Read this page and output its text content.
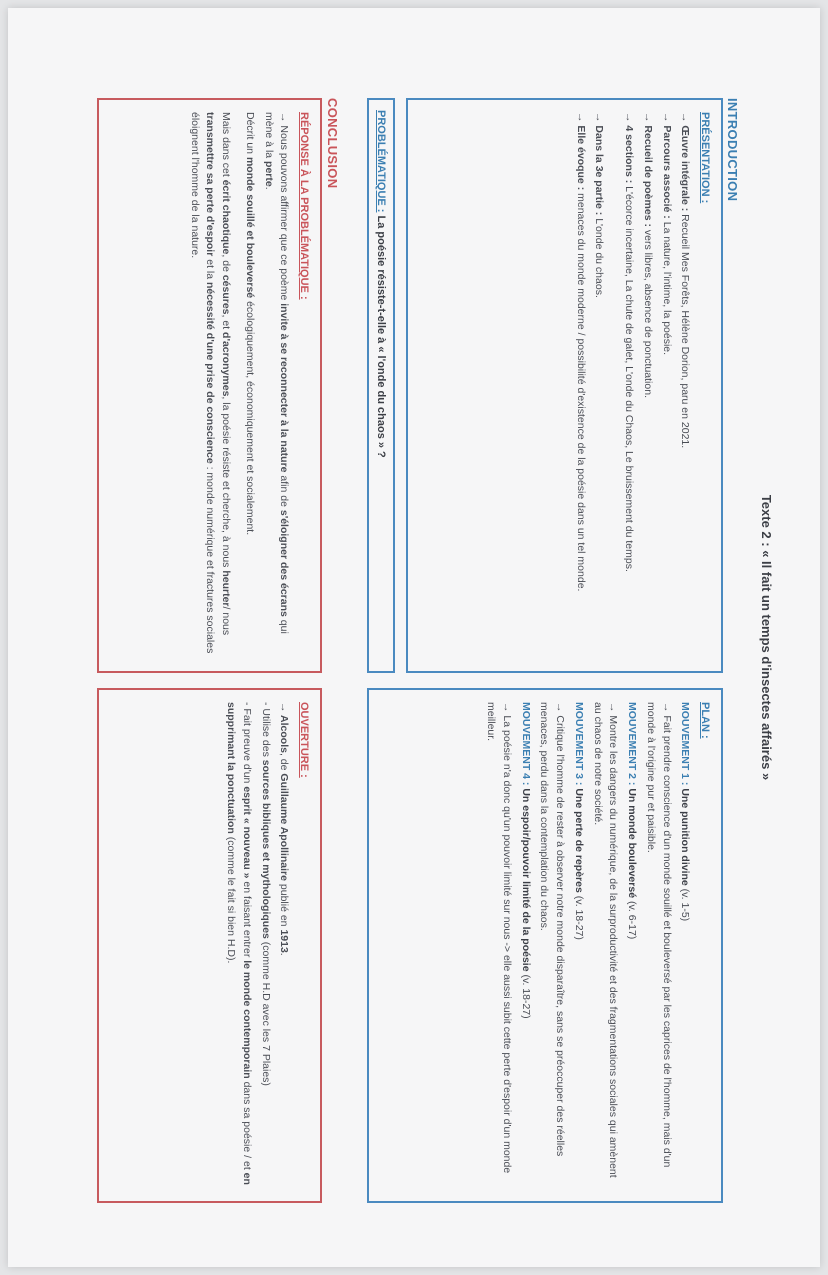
Texte 2 : « Il fait un temps d'insectes affairés »
INTRODUCTION
PRÉSENTATION :

→ Œuvre intégrale : Recueil Mes Forêts, Hélène Dorion, paru en 2021.

→ Parcours associé : La nature, l'intime, la poésie.

→ Recueil de poèmes : vers libres, absence de ponctuation.

→ 4 sections : L'écorce incertaine, La chute de galet, L'onde du Chaos, Le bruissement du temps.

→ Dans la 3e partie : L'onde du chaos.

→ Elle évoque : menaces du monde moderne / possibilité d'existence de la poésie dans un tel monde.

PLAN :

MOUVEMENT 1 : Une punition divine (v. 1-5)

→ Fait prendre conscience d'un monde souillé et bouleversé par les caprices de l'homme, mais d'un monde à l'origine pur et paisible.

MOUVEMENT 2 : Un monde bouleversé (v. 6-17)

→ Montre les dangers du numérique, de la surproductivité et des fragmentations sociales qui amènent au chaos de notre société.

MOUVEMENT 3 : Une perte de repères (v. 18-27)

→ Critique l'homme de rester à observer notre monde disparaître, sans se préoccuper des réelles menaces, perdu dans la contemplation du chaos.

MOUVEMENT 4 : Un espoir/pouvoir limité de la poésie (v. 18-27)

→ La poésie n'a donc qu'un pouvoir limité sur nous -> elle aussi subit cette perte d'espoir d'un monde meilleur.

PROBLÉMATIQUE : La poésie résiste-t-elle à « l'onde du chaos » ?
CONCLUSION
RÉPONSE À LA PROBLÉMATIQUE :

→ Nous pouvons affirmer que ce poème invite à se reconnecter à la nature afin de s'éloigner des écrans qui mène à la perte.

Décrit un monde souillé et bouleversé écologiquement, économiquement et socialement.

Mais dans cet écrit chaotique, de césures, et d'acronymes, la poésie résiste et cherche, à nous heurter/ nous transmettre sa perte d'espoir et la nécessité d'une prise de conscience : monde numérique et fractures sociales éloignent l'homme de la nature.

OUVERTURE :

→ Alcools, de Guillaume Apollinaire publié en 1913.

- Utilise des sources bibliques et mythologiques (comme H.D avec les 7 Plaies)

- Fait preuve d'un esprit « nouveau » en faisant entrer le monde contemporain dans sa poésie / et en supprimant la ponctuation (comme le fait si bien H.D).
